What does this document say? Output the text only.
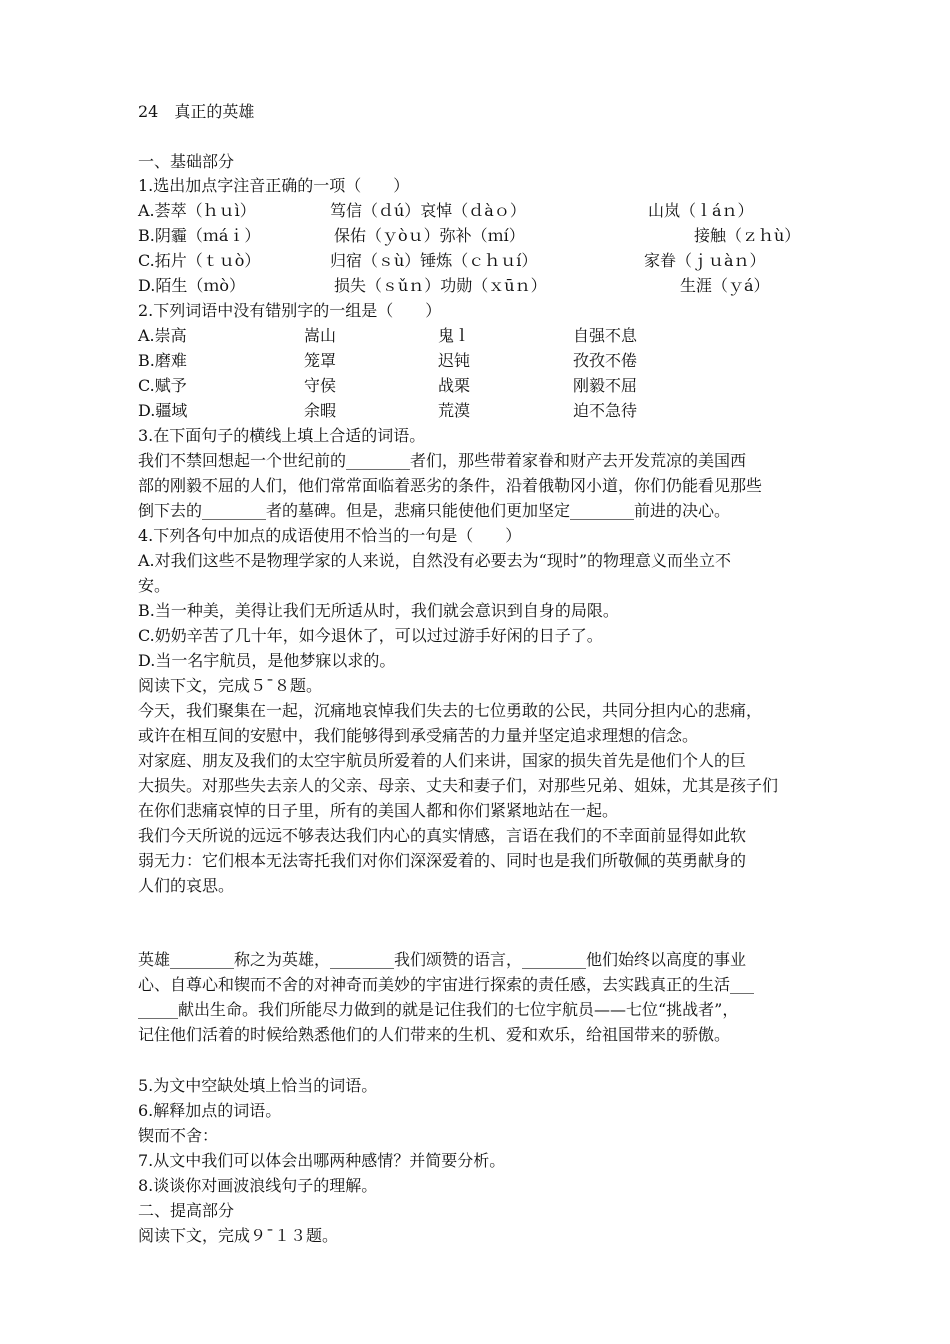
24　真正的英雄
一、基础部分
1.选出加点字注音正确的一项（　　）
A.荟萃（ｈｕì）	笃信（ｄú）哀悼（ｄàｏ）	山岚（ｌáｎ）
B.阴霾（ｍáｉ）	保佑（ｙòｕ）弥补（ｍí）	接触（ｚｈù）
C.拓片（ｔｕò）	归宿（ｓù）锤炼（ｃｈｕí）	家眷（ｊｕàｎ）
D.陌生（ｍò）	损失（ｓǔｎ）功勋（ｘūｎ）	生涯（ｙá）
2.下列词语中没有错别字的一组是（　　）
A.崇高	嵩山	鬼ｌ	自强不息
B.磨难	笼罩	迟钝	孜孜不倦
C.赋予	守侯	战栗	刚毅不屈
D.疆域	余暇	荒漠	迫不急待
3.在下面句子的横线上填上合适的词语。
我们不禁回想起一个世纪前的________者们，那些带着家眷和财产去开发荒凉的美国西
部的刚毅不屈的人们，他们常常面临着恶劣的条件，沿着俄勒冈小道，你们仍能看见那些
倒下去的________者的墓碑。但是，悲痛只能使他们更加坚定________前进的决心。
4.下列各句中加点的成语使用不恰当的一句是（　　）
A.对我们这些不是物理学家的人来说，自然没有必要去为“现时”的物理意义而坐立不
安。
B.当一种美，美得让我们无所适从时，我们就会意识到自身的局限。
C.奶奶辛苦了几十年，如今退休了，可以过过游手好闲的日子了。
D.当一名宇航员，是他梦寐以求的。
阅读下文，完成５¯８题。
今天，我们聚集在一起，沉痛地哀悼我们失去的七位勇敢的公民，共同分担内心的悲痛，
或许在相互间的安慰中，我们能够得到承受痛苦的力量并坚定追求理想的信念。
对家庭、朋友及我们的太空宇航员所爱着的人们来讲，国家的损失首先是他们个人的巨
大损失。对那些失去亲人的父亲、母亲、丈夫和妻子们，对那些兄弟、姐妹，尤其是孩子们
在你们悲痛哀悼的日子里，所有的美国人都和你们紧紧地站在一起。
我们今天所说的远远不够表达我们内心的真实情感，言语在我们的不幸面前显得如此软
弱无力：它们根本无法寄托我们对你们深深爱着的、同时也是我们所敬佩的英勇献身的
人们的哀思。
英雄________称之为英雄，________我们颂赞的语言，________他们始终以高度的事业
心、自尊心和锲而不舍的对神奇而美妙的宇宙进行探索的责任感，去实践真正的生活___
_____献出生命。我们所能尽力做到的就是记住我们的七位宇航员——七位“挑战者”，
记住他们活着的时候给熟悉他们的人们带来的生机、爱和欢乐，给祖国带来的骄傲。
5.为文中空缺处填上恰当的词语。
6.解释加点的词语。
锲而不舍：
7.从文中我们可以体会出哪两种感情？并简要分析。
8.谈谈你对画波浪线句子的理解。
二、提高部分
阅读下文，完成９¯１３题。
